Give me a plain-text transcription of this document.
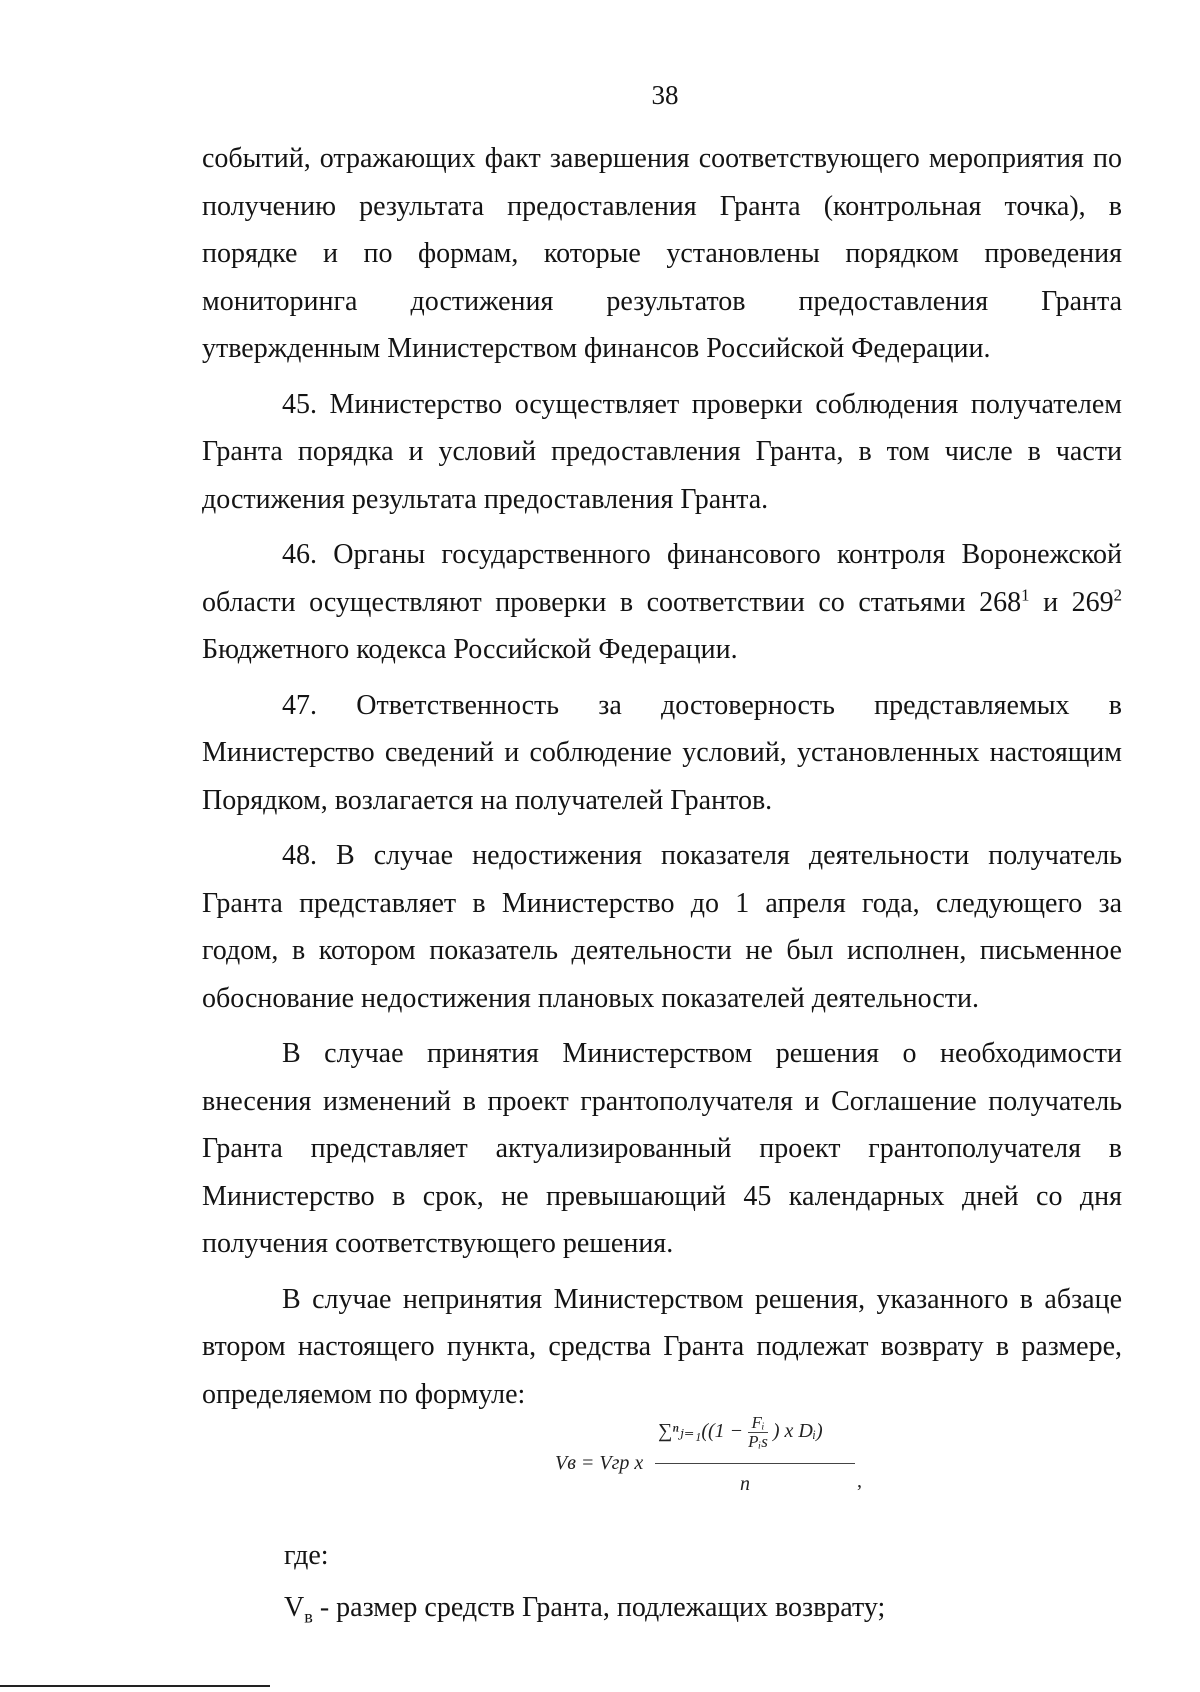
38

событий, отражающих факт завершения соответствующего мероприятия по получению результата предоставления Гранта (контрольная точка), в порядке и по формам, которые установлены порядком проведения мониторинга достижения результатов предоставления Гранта утвержденным Министерством финансов Российской Федерации.

45. Министерство осуществляет проверки соблюдения получателем Гранта порядка и условий предоставления Гранта, в том числе в части достижения результата предоставления Гранта.

46. Органы государственного финансового контроля Воронежской области осуществляют проверки в соответствии со статьями $268^1$ и $269^2$ Бюджетного кодекса Российской Федерации.

47. Ответственность за достоверность представляемых в Министерство сведений и соблюдение условий, установленных настоящим Порядком, возлагается на получателей Грантов.

48. В случае недостижения показателя деятельности получатель Гранта представляет в Министерство до 1 апреля года, следующего за годом, в котором показатель деятельности не был исполнен, письменное обоснование недостижения плановых показателей деятельности.

В случае принятия Министерством решения о необходимости внесения изменений в проект грантополучателя и Соглашение получатель Гранта представляет актуализированный проект грантополучателя в Министерство в срок, не превышающий 45 календарных дней со дня получения соответствующего решения.

В случае непринятия Министерством решения, указанного в абзаце втором настоящего пункта, средства Гранта подлежат возврату в размере, определяемом по формуле:

Vв = Vгр x
∑ⁿⱼ₌₁((1 − $\frac{\text{Fᵢ}}{\text{Pᵢs}}$ ) x Dᵢ)
n	,
где:
$V_в$ - размер средств Гранта, подлежащих возврату;
